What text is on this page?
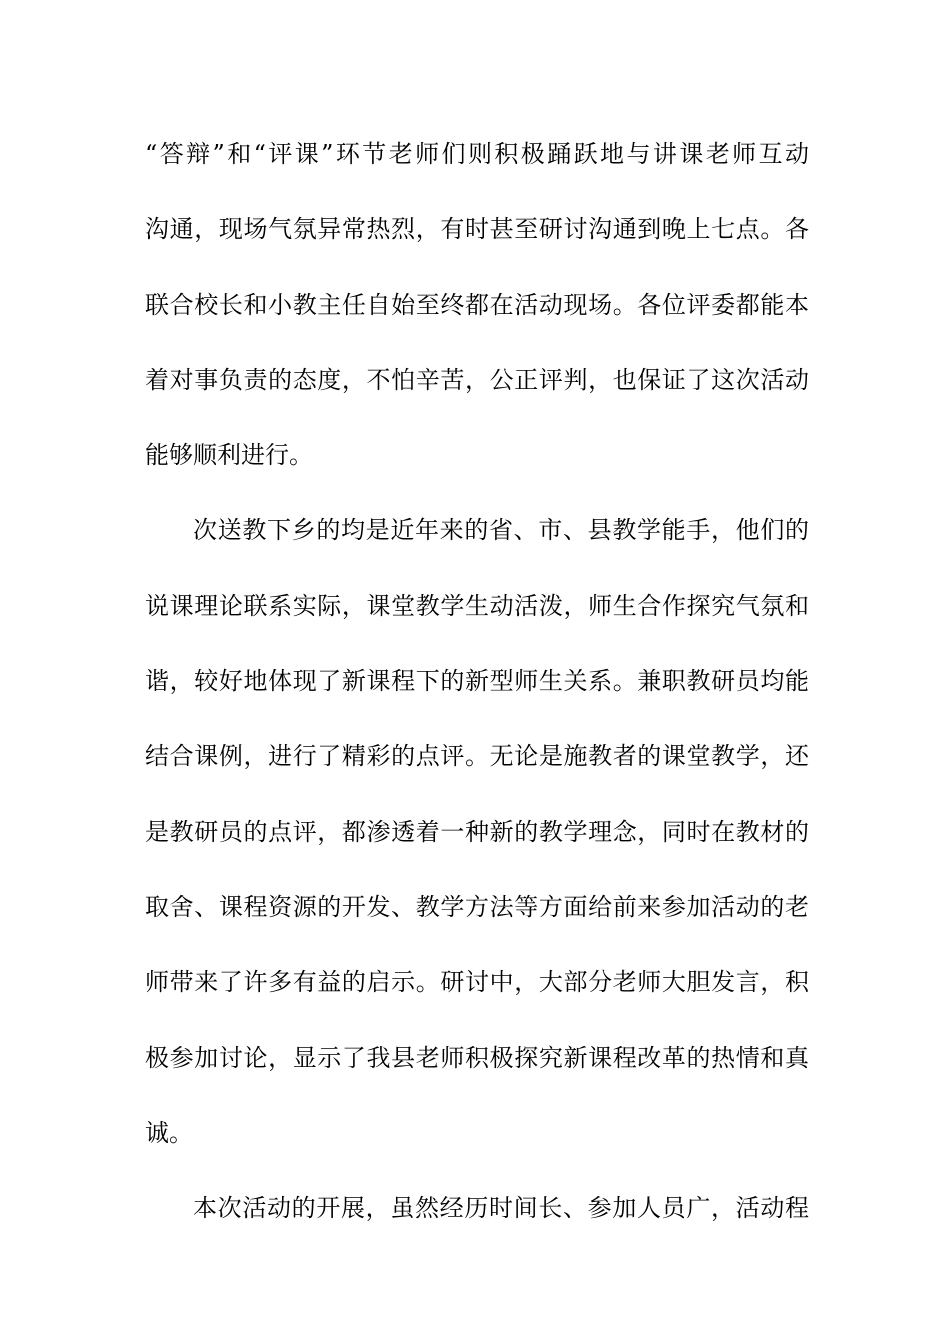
“答辩”和“评课”环节老师们则积极踊跃地与讲课老师互动
沟通，现场气氛异常热烈，有时甚至研讨沟通到晚上七点。各
联合校长和小教主任自始至终都在活动现场。各位评委都能本
着对事负责的态度，不怕辛苦，公正评判，也保证了这次活动
能够顺利进行。
次送教下乡的均是近年来的省、市、县教学能手，他们的
说课理论联系实际，课堂教学生动活泼，师生合作探究气氛和
谐，较好地体现了新课程下的新型师生关系。兼职教研员均能
结合课例，进行了精彩的点评。无论是施教者的课堂教学，还
是教研员的点评，都渗透着一种新的教学理念，同时在教材的
取舍、课程资源的开发、教学方法等方面给前来参加活动的老
师带来了许多有益的启示。研讨中，大部分老师大胆发言，积
极参加讨论，显示了我县老师积极探究新课程改革的热情和真
诚。
本次活动的开展，虽然经历时间长、参加人员广，活动程
